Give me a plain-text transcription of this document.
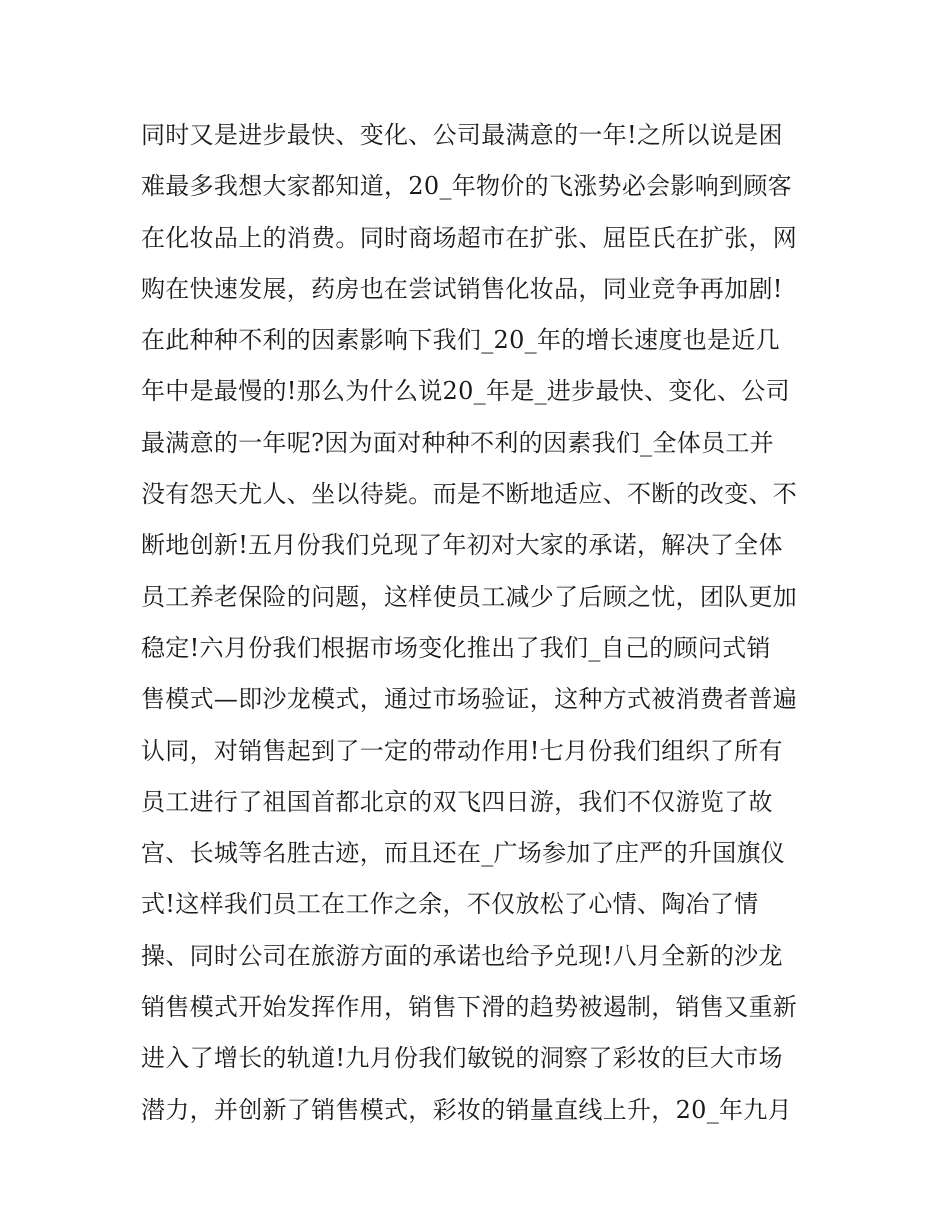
同时又是进步最快、变化、公司最满意的一年!之所以说是困
难最多我想大家都知道，20_年物价的飞涨势必会影响到顾客
在化妆品上的消费。同时商场超市在扩张、屈臣氏在扩张，网
购在快速发展，药房也在尝试销售化妆品，同业竞争再加剧!
在此种种不利的因素影响下我们_20_年的增长速度也是近几
年中是最慢的!那么为什么说20_年是_进步最快、变化、公司
最满意的一年呢?因为面对种种不利的因素我们_全体员工并
没有怨天尤人、坐以待毙。而是不断地适应、不断的改变、不
断地创新!五月份我们兑现了年初对大家的承诺，解决了全体
员工养老保险的问题，这样使员工减少了后顾之忧，团队更加
稳定!六月份我们根据市场变化推出了我们_自己的顾问式销
售模式—即沙龙模式，通过市场验证，这种方式被消费者普遍
认同，对销售起到了一定的带动作用!七月份我们组织了所有
员工进行了祖国首都北京的双飞四日游，我们不仅游览了故
宫、长城等名胜古迹，而且还在_广场参加了庄严的升国旗仪
式!这样我们员工在工作之余，不仅放松了心情、陶冶了情
操、同时公司在旅游方面的承诺也给予兑现!八月全新的沙龙
销售模式开始发挥作用，销售下滑的趋势被遏制，销售又重新
进入了增长的轨道!九月份我们敏锐的洞察了彩妆的巨大市场
潜力，并创新了销售模式，彩妆的销量直线上升，20_年九月
